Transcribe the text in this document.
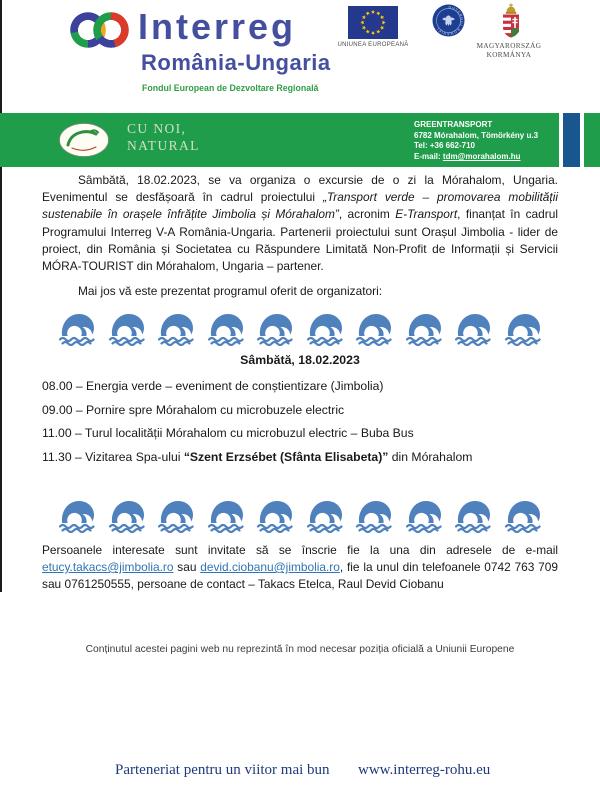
Interreg
România-Ungaria
Fondul European de Dezvoltare Regională
UNIUNEA EUROPEANĂ
GUVERNUL ROMÂNIEI
MAGYARORSZÁG
KORMÁNYA
CU NOI,
NATURAL
GREENTRANSPORT
6782 Mórahalom, Tömörkény u.3
Tel: +36 662-710
E-mail: tdm@morahalom.hu

Sâmbătă, 18.02.2023, se va organiza o excursie de o zi la Mórahalom, Ungaria. Evenimentul se desfășoară în cadrul proiectului „Transport verde – promovarea mobilității sustenabile în orașele înfrățite Jimbolia și Mórahalom”, acronim E-Transport, finanțat în cadrul Programului Interreg V-A România-Ungaria. Partenerii proiectului sunt Orașul Jimbolia - lider de proiect, din România și Societatea cu Răspundere Limitată Non-Profit de Informații și Servicii MÓRA-TOURIST din Mórahalom, Ungaria – partener.

Mai jos vă este prezentat programul oferit de organizatori:

Sâmbătă, 18.02.2023
08.00 – Energia verde – eveniment de conștientizare (Jimbolia)
09.00 – Pornire spre Mórahalom cu microbuzele electric
11.00 – Turul localității Mórahalom cu microbuzul electric – Buba Bus
11.30 – Vizitarea Spa-ului “Szent Erzsébet (Sfânta Elisabeta)” din Mórahalom

Persoanele interesate sunt invitate să se înscrie fie la una din adresele de e-mail etucy.takacs@jimbolia.ro sau devid.ciobanu@jimbolia.ro, fie la unul din telefoanele 0742 763 709 sau 0761250555, persoane de contact – Takacs Etelca, Raul Devid Ciobanu

Conținutul acestei pagini web nu reprezintă în mod necesar poziția oficială a Uniunii Europene
Parteneriat pentru un viitor mai bun www.interreg-rohu.eu
